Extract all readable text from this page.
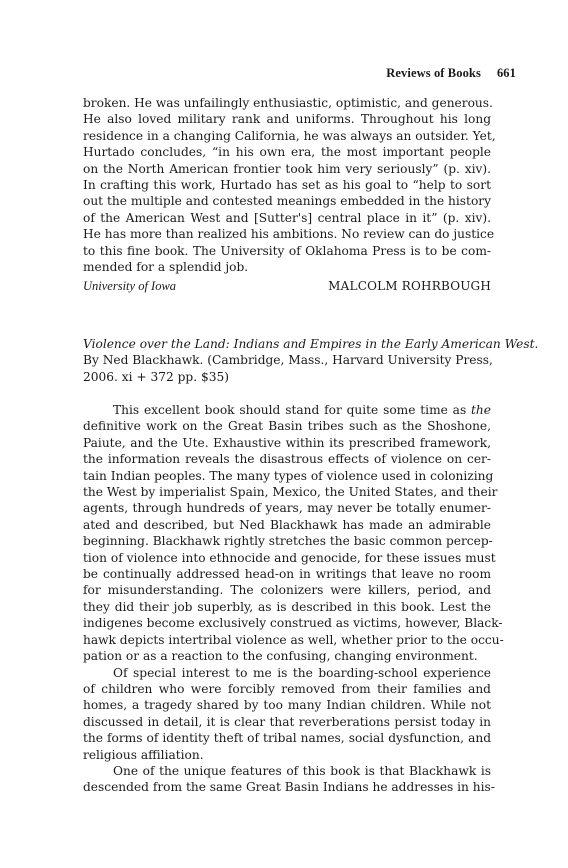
Reviews of Books 661
broken. He was unfailingly enthusiastic, optimistic, and generous.
He also loved military rank and uniforms. Throughout his long
residence in a changing California, he was always an outsider. Yet,
Hurtado concludes, “in his own era, the most important people
on the North American frontier took him very seriously” (p. xiv).
In crafting this work, Hurtado has set as his goal to “help to sort
out the multiple and contested meanings embedded in the history
of the American West and [Sutter's] central place in it” (p. xiv).
He has more than realized his ambitions. No review can do justice
to this fine book. The University of Oklahoma Press is to be com-
mended for a splendid job.
University of Iowa	MALCOLM ROHRBOUGH
Violence over the Land: Indians and Empires in the Early American West.
By Ned Blackhawk. (Cambridge, Mass., Harvard University Press,
2006. xi + 372 pp. $35)
This excellent book should stand for quite some time as the
definitive work on the Great Basin tribes such as the Shoshone,
Paiute, and the Ute. Exhaustive within its prescribed framework,
the information reveals the disastrous effects of violence on cer-
tain Indian peoples. The many types of violence used in colonizing
the West by imperialist Spain, Mexico, the United States, and their
agents, through hundreds of years, may never be totally enumer-
ated and described, but Ned Blackhawk has made an admirable
beginning. Blackhawk rightly stretches the basic common percep-
tion of violence into ethnocide and genocide, for these issues must
be continually addressed head-on in writings that leave no room
for misunderstanding. The colonizers were killers, period, and
they did their job superbly, as is described in this book. Lest the
indigenes become exclusively construed as victims, however, Black-
hawk depicts intertribal violence as well, whether prior to the occu-
pation or as a reaction to the confusing, changing environment.
Of special interest to me is the boarding-school experience
of children who were forcibly removed from their families and
homes, a tragedy shared by too many Indian children. While not
discussed in detail, it is clear that reverberations persist today in
the forms of identity theft of tribal names, social dysfunction, and
religious affiliation.
One of the unique features of this book is that Blackhawk is
descended from the same Great Basin Indians he addresses in his-
